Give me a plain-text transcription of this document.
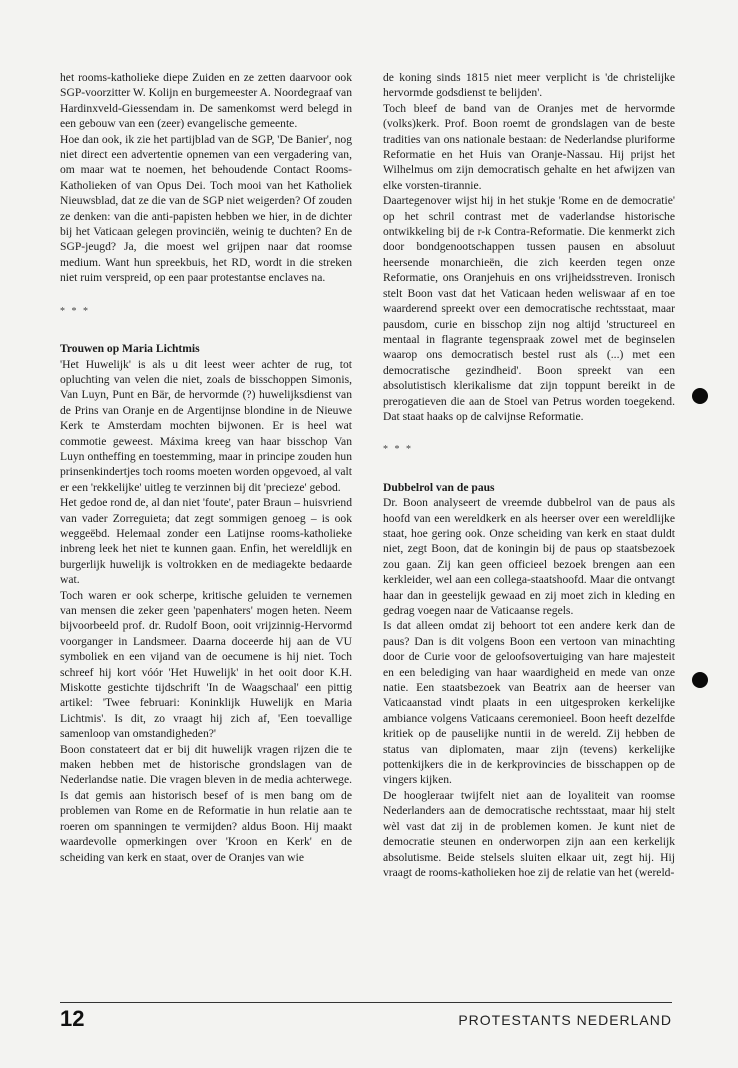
het rooms-katholieke diepe Zuiden en ze zetten daarvoor ook SGP-voorzitter W. Kolijn en burgemeester A. Noordegraaf van Hardinxveld-Giessendam in. De samenkomst werd belegd in een gebouw van een (zeer) evangelische gemeente.

Hoe dan ook, ik zie het partijblad van de SGP, 'De Banier', nog niet direct een advertentie opnemen van een vergadering van, om maar wat te noemen, het behoudende Contact Rooms-Katholieken of van Opus Dei. Toch mooi van het Katholiek Nieuwsblad, dat ze die van de SGP niet weigerden? Of zouden ze denken: van die anti-papisten hebben we hier, in de dichter bij het Vaticaan gelegen provinciën, weinig te duchten? En de SGP-jeugd? Ja, die moest wel grijpen naar dat roomse medium. Want hun spreekbuis, het RD, wordt in die streken niet ruim verspreid, op een paar protestantse enclaves na.

* * *

Trouwen op Maria Lichtmis

'Het Huwelijk' is als u dit leest weer achter de rug, tot opluchting van velen die niet, zoals de bisschoppen Simonis, Van Luyn, Punt en Bär, de hervormde (?) huwelijksdienst van de Prins van Oranje en de Argentijnse blondine in de Nieuwe Kerk te Amsterdam mochten bijwonen. Er is heel wat commotie geweest. Máxima kreeg van haar bisschop Van Luyn ontheffing en toestemming, maar in principe zouden hun prinsenkindertjes toch rooms moeten worden opgevoed, al valt er een 'rekkelijke' uitleg te verzinnen bij dit 'precieze' gebod.

Het gedoe rond de, al dan niet 'foute', pater Braun – huisvriend van vader Zorreguieta; dat zegt sommigen genoeg – is ook weggeëbd. Helemaal zonder een Latijnse rooms-katholieke inbreng leek het niet te kunnen gaan. Enfin, het wereldlijk en burgerlijk huwelijk is voltrokken en de mediagekte bedaarde wat.

Toch waren er ook scherpe, kritische geluiden te vernemen van mensen die zeker geen 'papenhaters' mogen heten. Neem bijvoorbeeld prof. dr. Rudolf Boon, ooit vrijzinnig-Hervormd voorganger in Landsmeer. Daarna doceerde hij aan de VU symboliek en een vijand van de oecumene is hij niet. Toch schreef hij kort vóór 'Het Huwelijk' in het ooit door K.H. Miskotte gestichte tijdschrift 'In de Waagschaal' een pittig artikel: 'Twee februari: Koninklijk Huwelijk en Maria Lichtmis'. Is dit, zo vraagt hij zich af, 'Een toevallige samenloop van omstandigheden?'

Boon constateert dat er bij dit huwelijk vragen rijzen die te maken hebben met de historische grondslagen van de Nederlandse natie. Die vragen bleven in de media achterwege. Is dat gemis aan historisch besef of is men bang om de problemen van Rome en de Reformatie in hun relatie aan te roeren om spanningen te vermijden? aldus Boon. Hij maakt waardevolle opmerkingen over 'Kroon en Kerk' en de scheiding van kerk en staat, over de Oranjes van wie

de koning sinds 1815 niet meer verplicht is 'de christelijke hervormde godsdienst te belijden'.

Toch bleef de band van de Oranjes met de hervormde (volks)kerk. Prof. Boon roemt de grondslagen van de beste tradities van ons nationale bestaan: de Nederlandse pluriforme Reformatie en het Huis van Oranje-Nassau. Hij prijst het Wilhelmus om zijn democratisch gehalte en het afwijzen van elke vorsten-tirannie.

Daartegenover wijst hij in het stukje 'Rome en de democratie' op het schril contrast met de vaderlandse historische ontwikkeling bij de r-k Contra-Reformatie. Die kenmerkt zich door bondgenootschappen tussen pausen en absoluut heersende monarchieën, die zich keerden tegen onze Reformatie, ons Oranjehuis en ons vrijheidsstreven. Ironisch stelt Boon vast dat het Vaticaan heden weliswaar af en toe waarderend spreekt over een democratische rechtsstaat, maar pausdom, curie en bisschop zijn nog altijd 'structureel en mentaal in flagrante tegenspraak zowel met de beginselen waarop ons democratisch bestel rust als (...) met een democratische gezindheid'. Boon spreekt van een absolutistisch klerikalisme dat zijn toppunt bereikt in de prerogatieven die aan de Stoel van Petrus worden toegekend. Dat staat haaks op de calvijnse Reformatie.

* * *

Dubbelrol van de paus

Dr. Boon analyseert de vreemde dubbelrol van de paus als hoofd van een wereldkerk en als heerser over een wereldlijke staat, hoe gering ook. Onze scheiding van kerk en staat duldt niet, zegt Boon, dat de koningin bij de paus op staatsbezoek zou gaan. Zij kan geen officieel bezoek brengen aan een kerkleider, wel aan een collega-staatshoofd. Maar die ontvangt haar dan in geestelijk gewaad en zij moet zich in kleding en gedrag voegen naar de Vaticaanse regels.

Is dat alleen omdat zij behoort tot een andere kerk dan de paus? Dan is dit volgens Boon een vertoon van minachting door de Curie voor de geloofsovertuiging van hare majesteit en een belediging van haar waardigheid en mede van onze natie. Een staatsbezoek van Beatrix aan de heerser van Vaticaanstad vindt plaats in een uitgesproken kerkelijke ambiance volgens Vaticaans ceremonieel. Boon heeft dezelfde kritiek op de pauselijke nuntii in de wereld. Zij hebben de status van diplomaten, maar zijn (tevens) kerkelijke pottenkijkers die in de kerkprovincies de bisschappen op de vingers kijken.

De hoogleraar twijfelt niet aan de loyaliteit van roomse Nederlanders aan de democratische rechtsstaat, maar hij stelt wèl vast dat zij in de problemen komen. Je kunt niet de democratie steunen en onderworpen zijn aan een kerkelijk absolutisme. Beide stelsels sluiten elkaar uit, zegt hij. Hij vraagt de rooms-katholieken hoe zij de relatie van het (wereld-

12	PROTESTANTS NEDERLAND
